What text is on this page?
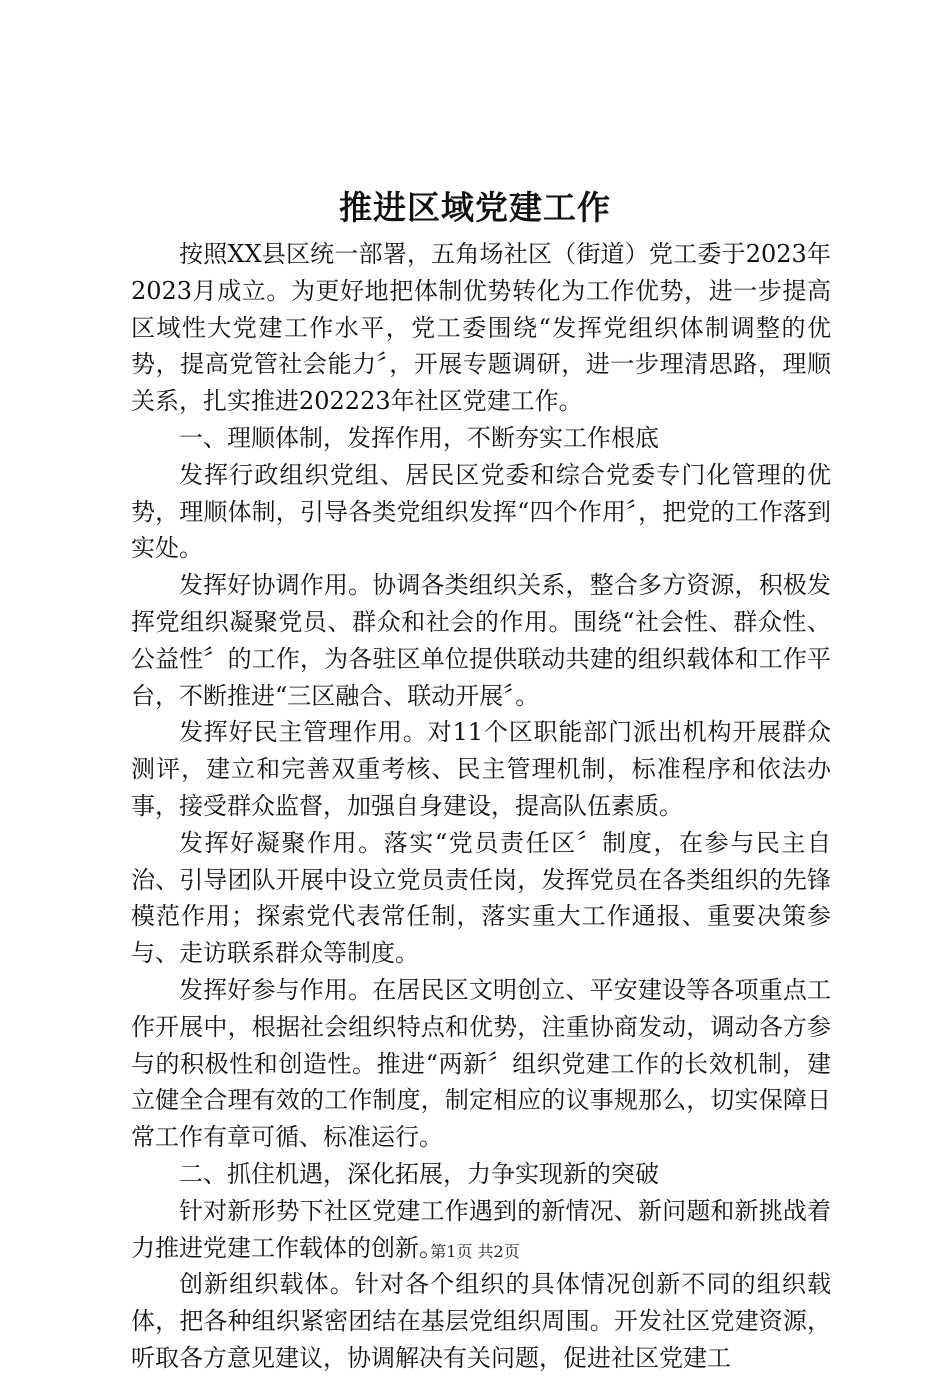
推进区域党建工作

按照XX县区统一部署，五角场社区（街道）党工委于2023年2023月成立。为更好地把体制优势转化为工作优势，进一步提高区域性大党建工作水平，党工委围绕“发挥党组织体制调整的优势，提高党管社会能力〞，开展专题调研，进一步理清思路，理顺关系，扎实推进202223年社区党建工作。

一、理顺体制，发挥作用，不断夯实工作根底

发挥行政组织党组、居民区党委和综合党委专门化管理的优势，理顺体制，引导各类党组织发挥“四个作用〞，把党的工作落到实处。

发挥好协调作用。协调各类组织关系，整合多方资源，积极发挥党组织凝聚党员、群众和社会的作用。围绕“社会性、群众性、公益性〞的工作，为各驻区单位提供联动共建的组织载体和工作平台，不断推进“三区融合、联动开展〞。

发挥好民主管理作用。对11个区职能部门派出机构开展群众测评，建立和完善双重考核、民主管理机制，标准程序和依法办事，接受群众监督，加强自身建设，提高队伍素质。

发挥好凝聚作用。落实“党员责任区〞制度，在参与民主自治、引导团队开展中设立党员责任岗，发挥党员在各类组织的先锋模范作用；探索党代表常任制，落实重大工作通报、重要决策参与、走访联系群众等制度。

发挥好参与作用。在居民区文明创立、平安建设等各项重点工作开展中，根据社会组织特点和优势，注重协商发动，调动各方参与的积极性和创造性。推进“两新〞组织党建工作的长效机制，建立健全合理有效的工作制度，制定相应的议事规那么，切实保障日常工作有章可循、标准运行。

二、抓住机遇，深化拓展，力争实现新的突破

针对新形势下社区党建工作遇到的新情况、新问题和新挑战着力推进党建工作载体的创新。

创新组织载体。针对各个组织的具体情况创新不同的组织载体，把各种组织紧密团结在基层党组织周围。开发社区党建资源，听取各方意见建议，协调解决有关问题，促进社区党建工

第1页 共2页
